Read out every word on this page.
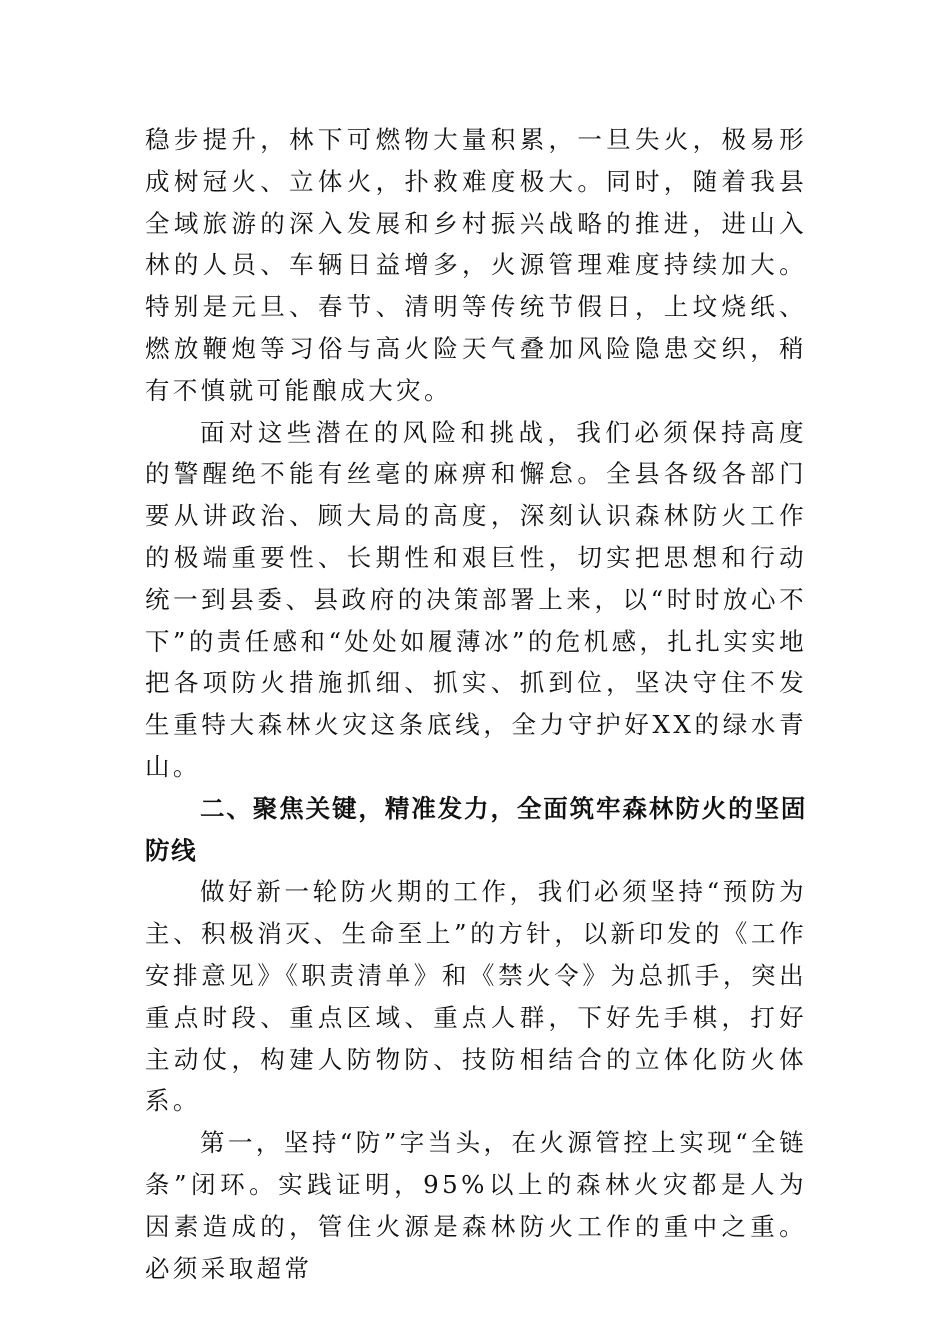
稳步提升，林下可燃物大量积累，一旦失火，极易形成树冠火、立体火，扑救难度极大。同时，随着我县全域旅游的深入发展和乡村振兴战略的推进，进山入林的人员、车辆日益增多，火源管理难度持续加大。特别是元旦、春节、清明等传统节假日，上坟烧纸、燃放鞭炮等习俗与高火险天气叠加风险隐患交织，稍有不慎就可能酿成大灾。

面对这些潜在的风险和挑战，我们必须保持高度的警醒绝不能有丝毫的麻痹和懈怠。全县各级各部门要从讲政治、顾大局的高度，深刻认识森林防火工作的极端重要性、长期性和艰巨性，切实把思想和行动统一到县委、县政府的决策部署上来，以“时时放心不下”的责任感和“处处如履薄冰”的危机感，扎扎实实地把各项防火措施抓细、抓实、抓到位，坚决守住不发生重特大森林火灾这条底线，全力守护好XX的绿水青山。

二、聚焦关键，精准发力，全面筑牢森林防火的坚固防线

做好新一轮防火期的工作，我们必须坚持“预防为主、积极消灭、生命至上”的方针，以新印发的《工作安排意见》《职责清单》和《禁火令》为总抓手，突出重点时段、重点区域、重点人群，下好先手棋，打好主动仗，构建人防物防、技防相结合的立体化防火体系。

第一，坚持“防”字当头，在火源管控上实现“全链条”闭环。实践证明，95%以上的森林火灾都是人为因素造成的，管住火源是森林防火工作的重中之重。必须采取超常
